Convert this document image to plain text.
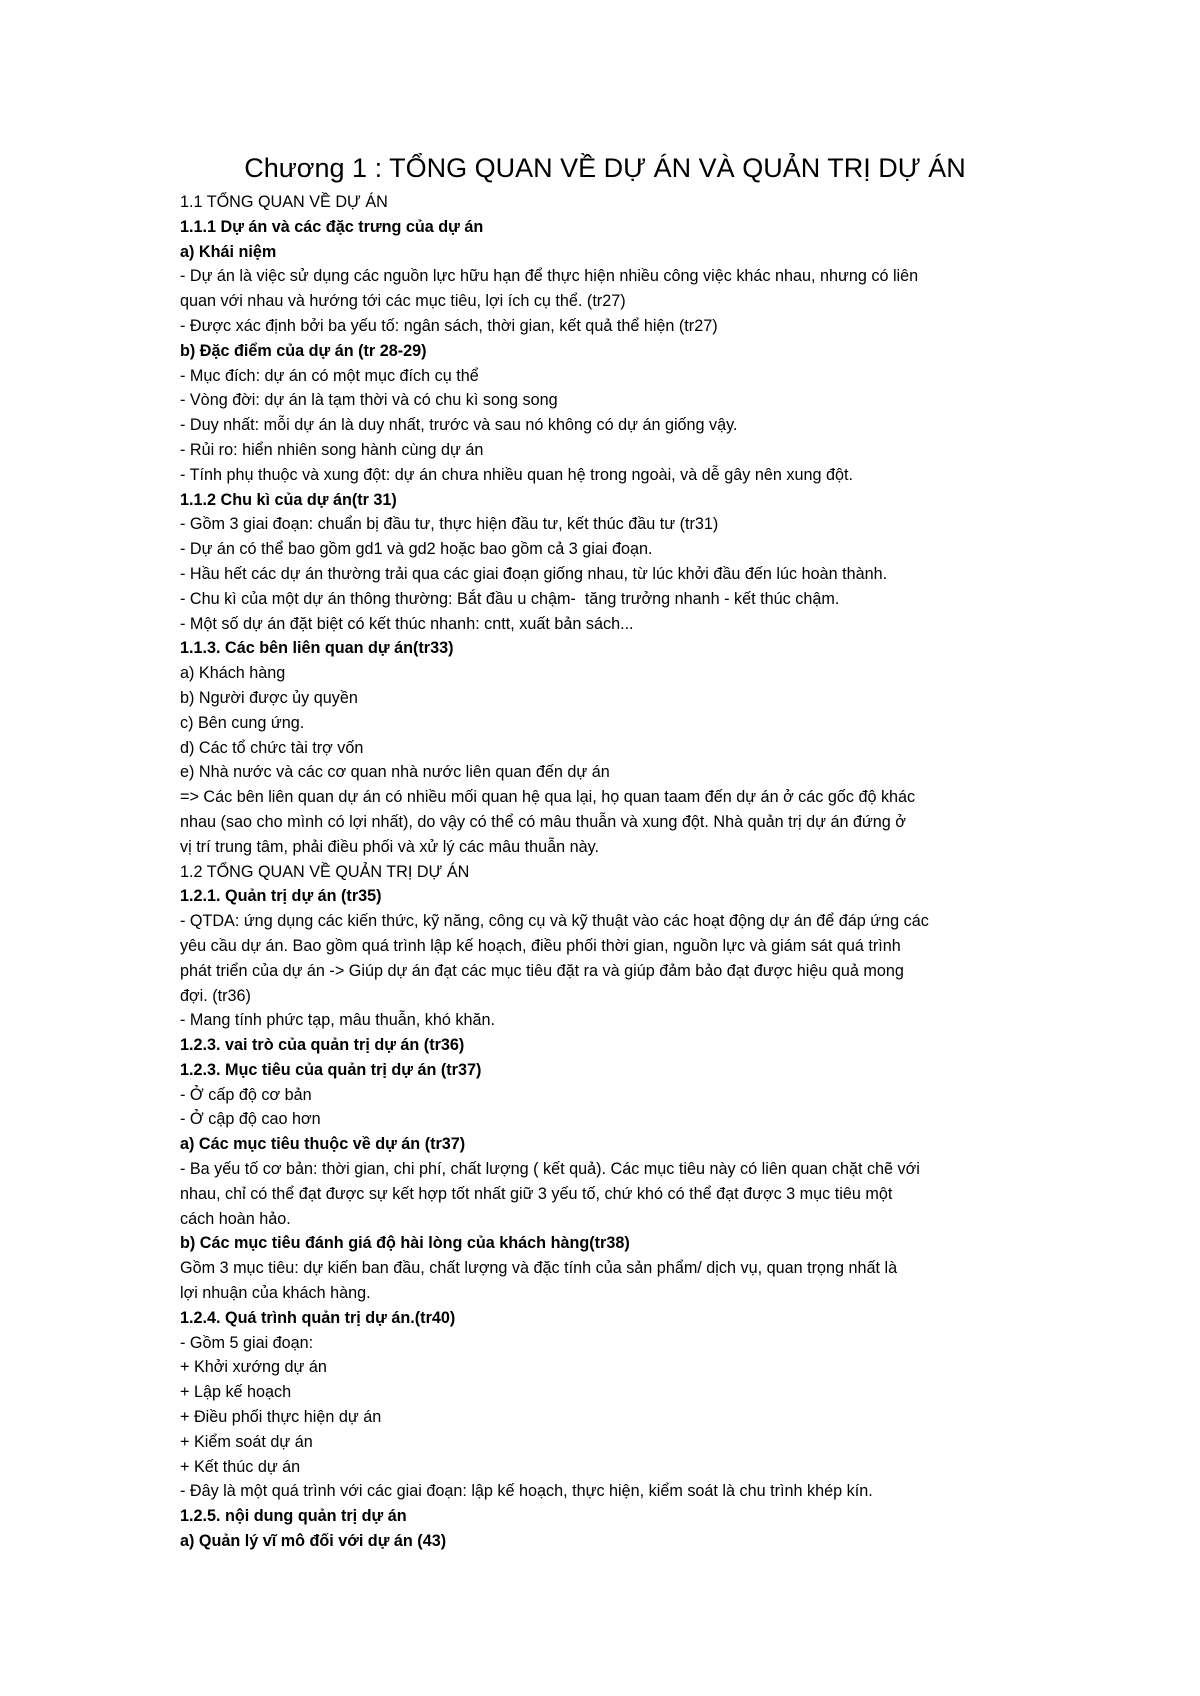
Chương 1 : TỔNG QUAN VỀ DỰ ÁN VÀ QUẢN TRỊ DỰ ÁN

1.1 TỔNG QUAN VỀ DỰ ÁN

1.1.1 Dự án và các đặc trưng của dự án

a) Khái niệm

- Dự án là việc sử dụng các nguồn lực hữu hạn để thực hiện nhiều công việc khác nhau, nhưng có liên

quan với nhau và hướng tới các mục tiêu, lợi ích cụ thể. (tr27)

- Được xác định bởi ba yếu tố: ngân sách, thời gian, kết quả thể hiện (tr27)

b) Đặc điểm của dự án (tr 28-29)

- Mục đích: dự án có một mục đích cụ thể

- Vòng đời: dự án là tạm thời và có chu kì song song

- Duy nhất: mỗi dự án là duy nhất, trước và sau nó không có dự án giống vậy.

- Rủi ro: hiển nhiên song hành cùng dự án

- Tính phụ thuộc và xung đột: dự án chưa nhiều quan hệ trong ngoài, và dễ gây nên xung đột.

1.1.2 Chu kì của dự án(tr 31)

- Gồm 3 giai đoạn: chuẩn bị đầu tư, thực hiện đầu tư, kết thúc đầu tư (tr31)

- Dự án có thể bao gồm gd1 và gd2 hoặc bao gồm cả 3 giai đoạn.

- Hầu hết các dự án thường trải qua các giai đoạn giống nhau, từ lúc khởi đầu đến lúc hoàn thành.

- Chu kì của một dự án thông thường: Bắt đầu u chậm-  tăng trưởng nhanh - kết thúc chậm.

- Một số dự án đặt biệt có kết thúc nhanh: cntt, xuất bản sách...

1.1.3. Các bên liên quan dự án(tr33)

a) Khách hàng

b) Người được ủy quyền

c) Bên cung ứng.

d) Các tổ chức tài trợ vốn

e) Nhà nước và các cơ quan nhà nước liên quan đến dự án

=> Các bên liên quan dự án có nhiều mối quan hệ qua lại, họ quan taam đến dự án ở các gốc độ khác

nhau (sao cho mình có lợi nhất), do vậy có thể có mâu thuẫn và xung đột. Nhà quản trị dự án đứng ở

vị trí trung tâm, phải điều phối và xử lý các mâu thuẫn này.

1.2 TỔNG QUAN VỀ QUẢN TRỊ DỰ ÁN

1.2.1. Quản trị dự án (tr35)

- QTDA: ứng dụng các kiến thức, kỹ năng, công cụ và kỹ thuật vào các hoạt động dự án để đáp ứng các

yêu cầu dự án. Bao gồm quá trình lập kế hoạch, điều phối thời gian, nguồn lực và giám sát quá trình

phát triển của dự án -> Giúp dự án đạt các mục tiêu đặt ra và giúp đảm bảo đạt được hiệu quả mong

đợi. (tr36)

- Mang tính phức tạp, mâu thuẫn, khó khăn.

1.2.3. vai trò của quản trị dự án (tr36)

1.2.3. Mục tiêu của quản trị dự án (tr37)

- Ở cấp độ cơ bản

- Ở cập độ cao hơn

a) Các mục tiêu thuộc về dự án (tr37)

- Ba yếu tố cơ bản: thời gian, chi phí, chất lượng ( kết quả). Các mục tiêu này có liên quan chặt chẽ với

nhau, chỉ có thể đạt được sự kết hợp tốt nhất giữ 3 yếu tố, chứ khó có thể đạt được 3 mục tiêu một

cách hoàn hảo.

b) Các mục tiêu đánh giá độ hài lòng của khách hàng(tr38)

Gồm 3 mục tiêu: dự kiến ban đầu, chất lượng và đặc tính của sản phẩm/ dịch vụ, quan trọng nhất là

lợi nhuận của khách hàng.

1.2.4. Quá trình quản trị dự án.(tr40)

- Gồm 5 giai đoạn:

+ Khởi xướng dự án

+ Lập kế hoạch

+ Điều phối thực hiện dự án

+ Kiểm soát dự án

+ Kết thúc dự án

- Đây là một quá trình với các giai đoạn: lập kế hoạch, thực hiện, kiểm soát là chu trình khép kín.

1.2.5. nội dung quản trị dự án

a) Quản lý vĩ mô đối với dự án (43)
